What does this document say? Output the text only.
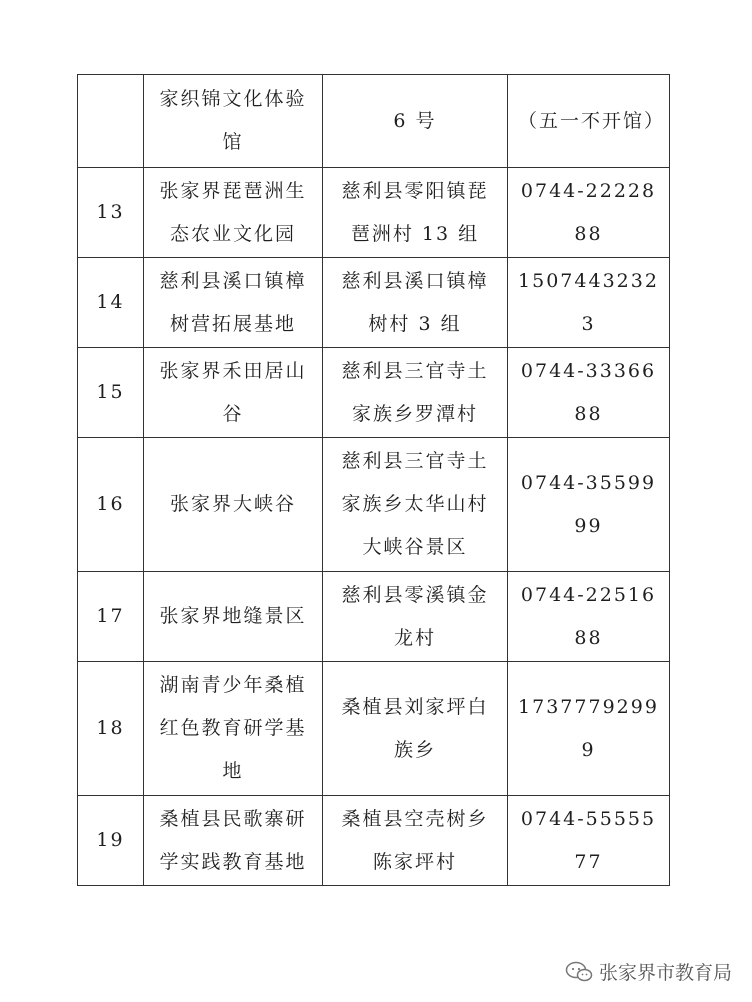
	家织锦文化体验馆	6 号	（五一不开馆）
13	张家界琵琶洲生态农业文化园	慈利县零阳镇琵琶洲村 13 组	0744-2222888
14	慈利县溪口镇樟树营拓展基地	慈利县溪口镇樟树村 3 组	15074432323
15	张家界禾田居山谷	慈利县三官寺土家族乡罗潭村	0744-3336688
16	张家界大峡谷	慈利县三官寺土家族乡太华山村大峡谷景区	0744-3559999
17	张家界地缝景区	慈利县零溪镇金龙村	0744-2251688
18	湖南青少年桑植红色教育研学基地	桑植县刘家坪白族乡	17377792999
19	桑植县民歌寨研学实践教育基地	桑植县空壳树乡陈家坪村	0744-5555577
张家界市教育局
